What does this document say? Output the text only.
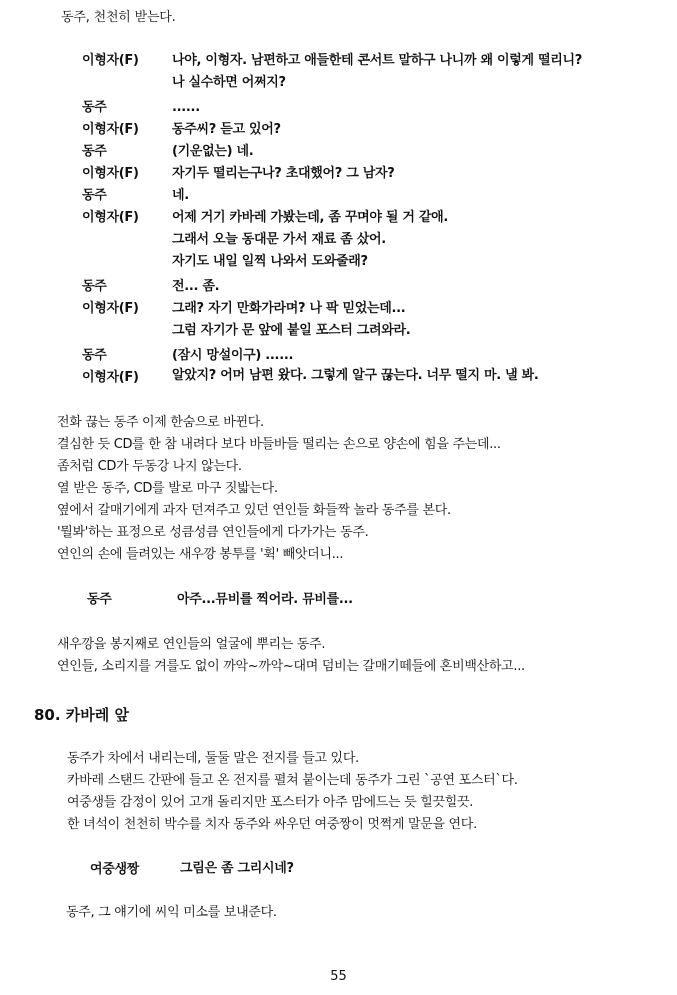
동주, 천천히 받는다.
이형자(F)	나야, 이형자. 남편하고 애들한테 콘서트 말하구 나니까 왜 이렇게 떨리니?
나 실수하면 어쩌지?
동주	......
이형자(F)	동주씨? 듣고 있어?
동주	(기운없는) 네.
이형자(F)	자기두 떨리는구나? 초대했어? 그 남자?
동주	네.
이형자(F)	어제 거기 카바레 가봤는데, 좀 꾸며야 될 거 같애.
그래서 오늘 동대문 가서 재료 좀 샀어.
자기도 내일 일찍 나와서 도와줄래?
동주	전... 좀.
이형자(F)	그래? 자기 만화가라며? 나 팍 믿었는데...
그럼 자기가 문 앞에 붙일 포스터 그려와라.
동주	(잠시 망설이구) ......
이형자(F)	알았지? 어머 남편 왔다. 그렇게 알구 끊는다. 너무 떨지 마. 낼 봐.
전화 끊는 동주 이제 한숨으로 바뀐다.
결심한 듯 CD를 한 참 내려다 보다 바들바들 떨리는 손으로 양손에 힘을 주는데...
좀처럼 CD가 두동강 나지 않는다.
열 받은 동주, CD를 발로 마구 짓밟는다.
옆에서 갈매기에게 과자 던져주고 있던 연인들 화들짝 놀라 동주를 본다.
'뭘봐'하는 표정으로 성큼성큼 연인들에게 다가가는 동주.
연인의 손에 들려있는 새우깡 봉투를 '휙' 빼앗더니...
동주	아주...뮤비를 찍어라. 뮤비를...
새우깡을 봉지째로 연인들의 얼굴에 뿌리는 동주.
연인들, 소리지를 겨를도 없이 까악~까악~대며 덤비는 갈매기떼들에 혼비백산하고...
80. 카바레 앞
동주가 차에서 내리는데, 둘둘 말은 전지를 들고 있다.
카바레 스탠드 간판에 들고 온 전지를 펼쳐 붙이는데 동주가 그린 `공연 포스터`다.
여중생들 감정이 있어 고개 돌리지만 포스터가 아주 맘에드는 듯 힐끗힐끗.
한 녀석이 천천히 박수를 치자 동주와 싸우던 여중짱이 멋쩍게 말문을 연다.
여중생짱	그림은 좀 그리시네?
동주, 그 얘기에 씨익 미소를 보내준다.
55
